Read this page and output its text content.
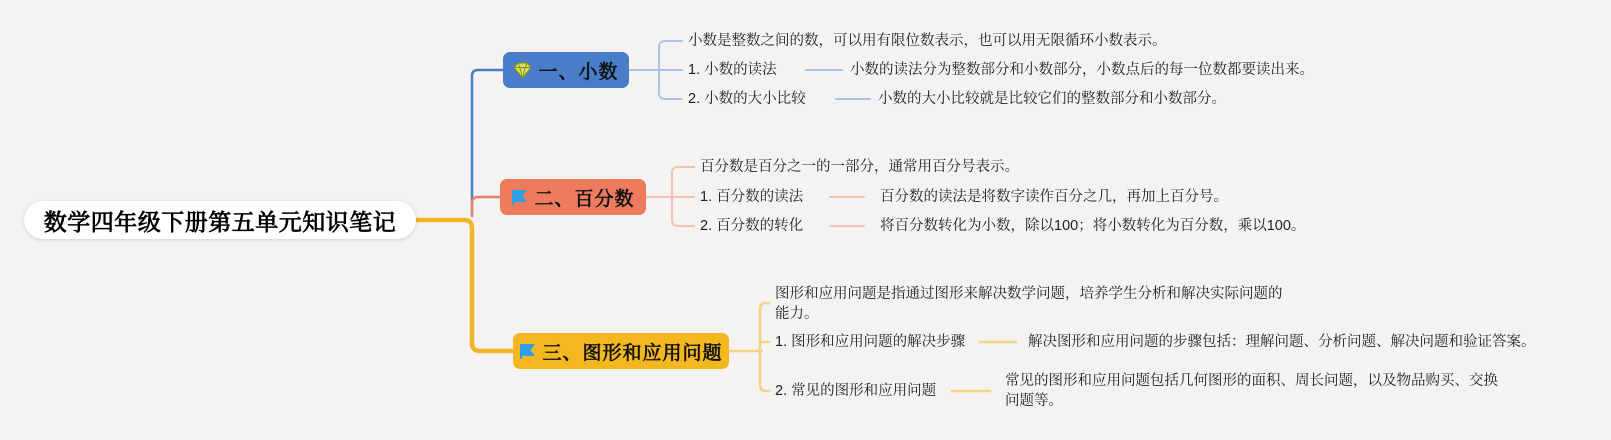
数学四年级下册第五单元知识笔记
一、小数
小数是整数之间的数，可以用有限位数表示，也可以用无限循环小数表示。
1. 小数的读法	小数的读法分为整数部分和小数部分，小数点后的每一位数都要读出来。
2. 小数的大小比较	小数的大小比较就是比较它们的整数部分和小数部分。
二、百分数
百分数是百分之一的一部分，通常用百分号表示。
1. 百分数的读法	百分数的读法是将数字读作百分之几，再加上百分号。
2. 百分数的转化	将百分数转化为小数，除以100；将小数转化为百分数，乘以100。
三、图形和应用问题
图形和应用问题是指通过图形来解决数学问题，培养学生分析和解决实际问题的能力。
1. 图形和应用问题的解决步骤	解决图形和应用问题的步骤包括：理解问题、分析问题、解决问题和验证答案。
2. 常见的图形和应用问题
常见的图形和应用问题包括几何图形的面积、周长问题，以及物品购买、交换问题等。
